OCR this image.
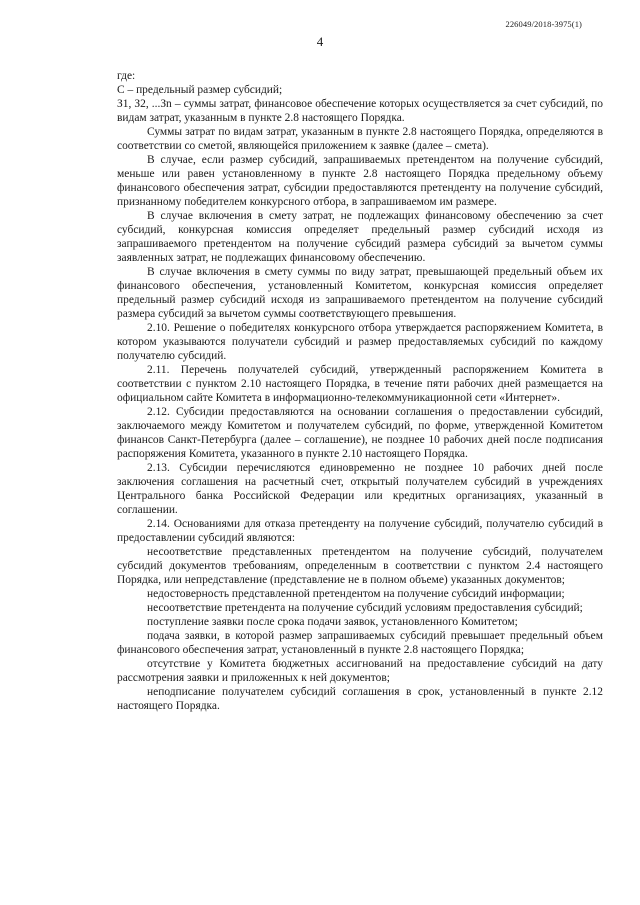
226049/2018-3975(1)
4

где:

С – предельный размер субсидий;

З1, З2, ...Зn – суммы затрат, финансовое обеспечение которых осуществляется за счет субсидий, по видам затрат, указанным в пункте 2.8 настоящего Порядка.

Суммы затрат по видам затрат, указанным в пункте 2.8 настоящего Порядка, определяются в соответствии со сметой, являющейся приложением к заявке (далее – смета).

В случае, если размер субсидий, запрашиваемых претендентом на получение субсидий, меньше или равен установленному в пункте 2.8 настоящего Порядка предельному объему финансового обеспечения затрат, субсидии предоставляются претенденту на получение субсидий, признанному победителем конкурсного отбора, в запрашиваемом им размере.

В случае включения в смету затрат, не подлежащих финансовому обеспечению за счет субсидий, конкурсная комиссия определяет предельный размер субсидий исходя из запрашиваемого претендентом на получение субсидий размера субсидий за вычетом суммы заявленных затрат, не подлежащих финансовому обеспечению.

В случае включения в смету суммы по виду затрат, превышающей предельный объем их финансового обеспечения, установленный Комитетом, конкурсная комиссия определяет предельный размер субсидий исходя из запрашиваемого претендентом на получение субсидий размера субсидий за вычетом суммы соответствующего превышения.

2.10. Решение о победителях конкурсного отбора утверждается распоряжением Комитета, в котором указываются получатели субсидий и размер предоставляемых субсидий по каждому получателю субсидий.

2.11. Перечень получателей субсидий, утвержденный распоряжением Комитета в соответствии с пунктом 2.10 настоящего Порядка, в течение пяти рабочих дней размещается на официальном сайте Комитета в информационно-телекоммуникационной сети «Интернет».

2.12. Субсидии предоставляются на основании соглашения о предоставлении субсидий, заключаемого между Комитетом и получателем субсидий, по форме, утвержденной Комитетом финансов Санкт-Петербурга (далее – соглашение), не позднее 10 рабочих дней после подписания распоряжения Комитета, указанного в пункте 2.10 настоящего Порядка.

2.13. Субсидии перечисляются единовременно не позднее 10 рабочих дней после заключения соглашения на расчетный счет, открытый получателем субсидий в учреждениях Центрального банка Российской Федерации или кредитных организациях, указанный в соглашении.

2.14. Основаниями для отказа претенденту на получение субсидий, получателю субсидий в предоставлении субсидий являются:

несоответствие представленных претендентом на получение субсидий, получателем субсидий документов требованиям, определенным в соответствии с пунктом 2.4 настоящего Порядка, или непредставление (представление не в полном объеме) указанных документов;

недостоверность представленной претендентом на получение субсидий информации;

несоответствие претендента на получение субсидий условиям предоставления субсидий;

поступление заявки после срока подачи заявок, установленного Комитетом;

подача заявки, в которой размер запрашиваемых субсидий превышает предельный объем финансового обеспечения затрат, установленный в пункте 2.8 настоящего Порядка;

отсутствие у Комитета бюджетных ассигнований на предоставление субсидий на дату рассмотрения заявки и приложенных к ней документов;

неподписание получателем субсидий соглашения в срок, установленный в пункте 2.12 настоящего Порядка.
